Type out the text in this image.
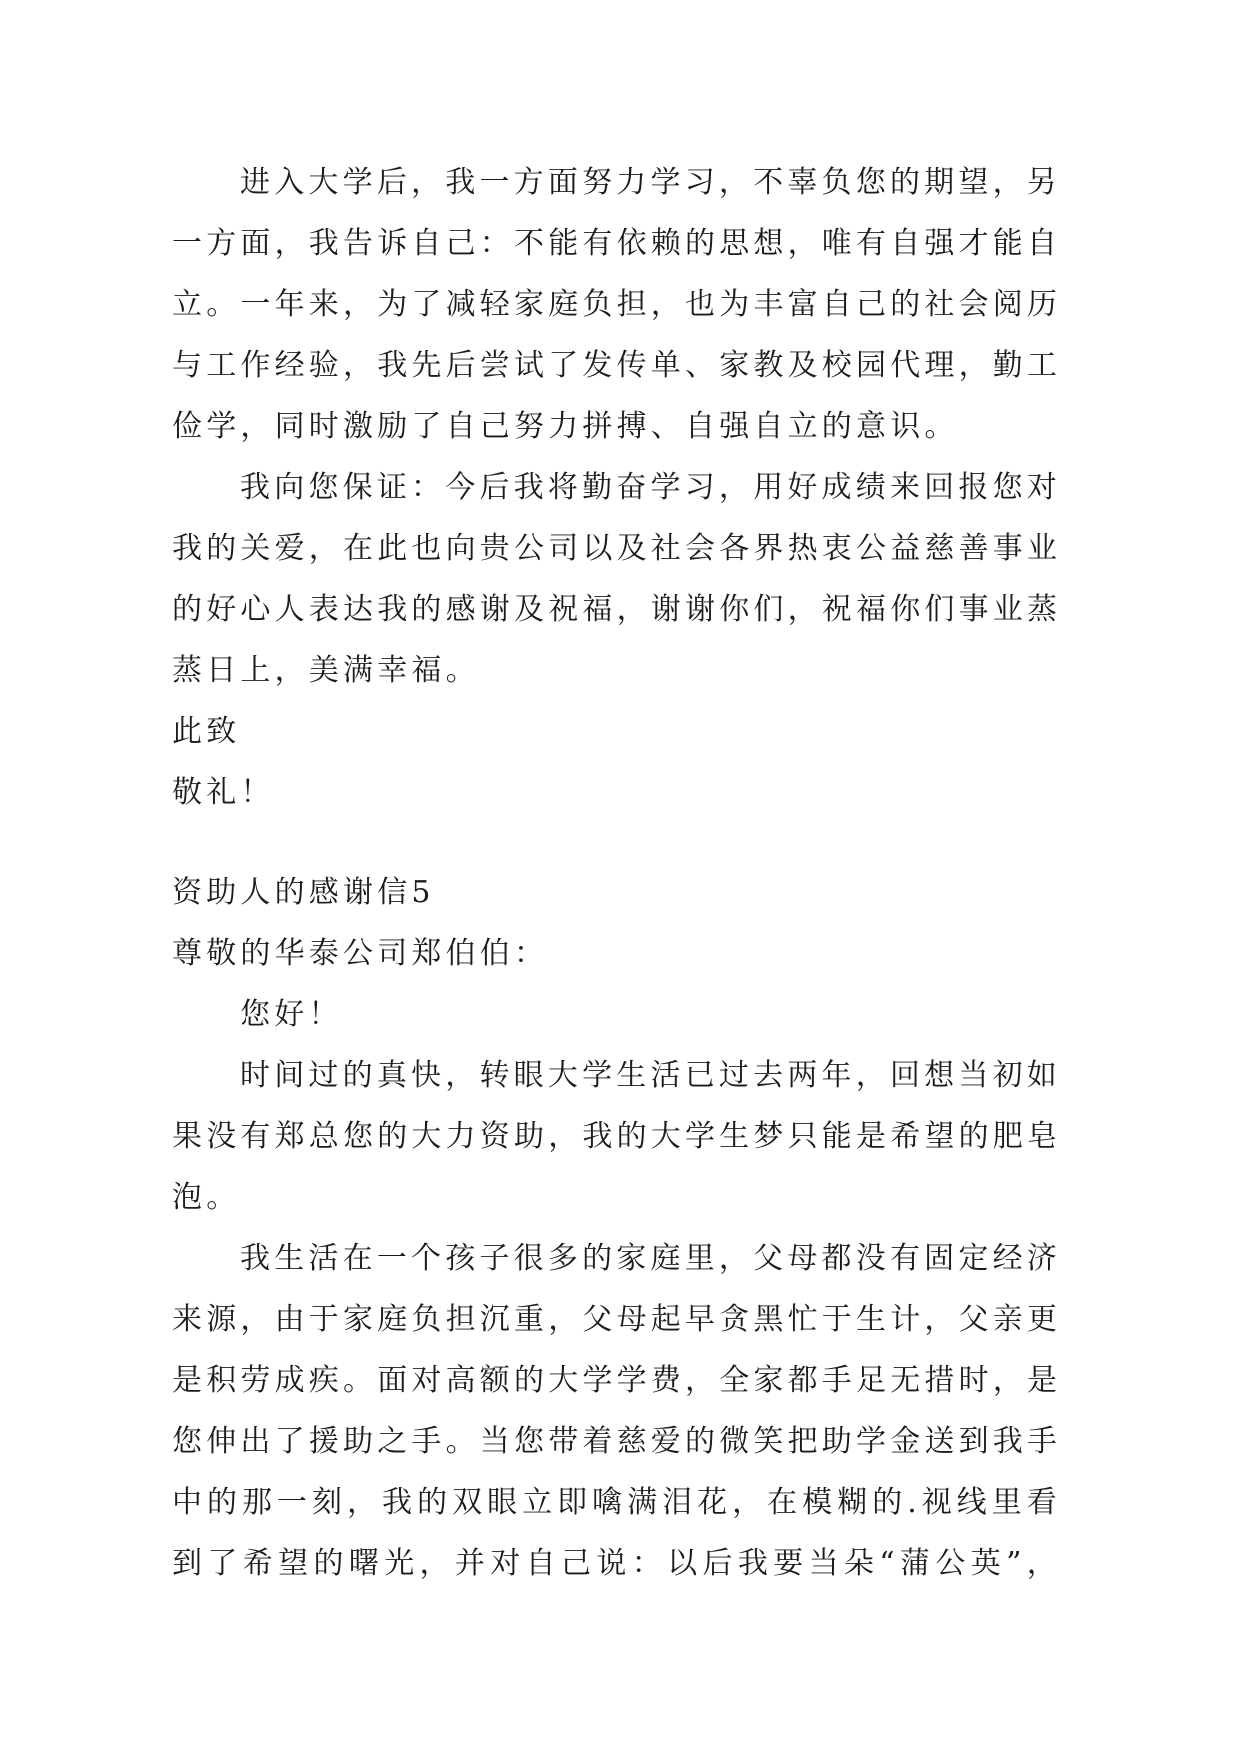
进入大学后，我一方面努力学习，不辜负您的期望，另
一方面，我告诉自己：不能有依赖的思想，唯有自强才能自
立。一年来，为了减轻家庭负担，也为丰富自己的社会阅历
与工作经验，我先后尝试了发传单、家教及校园代理，勤工
俭学，同时激励了自己努力拼搏、自强自立的意识。
我向您保证：今后我将勤奋学习，用好成绩来回报您对
我的关爱，在此也向贵公司以及社会各界热衷公益慈善事业
的好心人表达我的感谢及祝福，谢谢你们，祝福你们事业蒸
蒸日上，美满幸福。
此致
敬礼！
资助人的感谢信5
尊敬的华泰公司郑伯伯：
您好！
时间过的真快，转眼大学生活已过去两年，回想当初如
果没有郑总您的大力资助，我的大学生梦只能是希望的肥皂
泡。
我生活在一个孩子很多的家庭里，父母都没有固定经济
来源，由于家庭负担沉重，父母起早贪黑忙于生计，父亲更
是积劳成疾。面对高额的大学学费，全家都手足无措时，是
您伸出了援助之手。当您带着慈爱的微笑把助学金送到我手
中的那一刻，我的双眼立即噙满泪花，在模糊的.视线里看
到了希望的曙光，并对自己说：以后我要当朵“蒲公英”，
